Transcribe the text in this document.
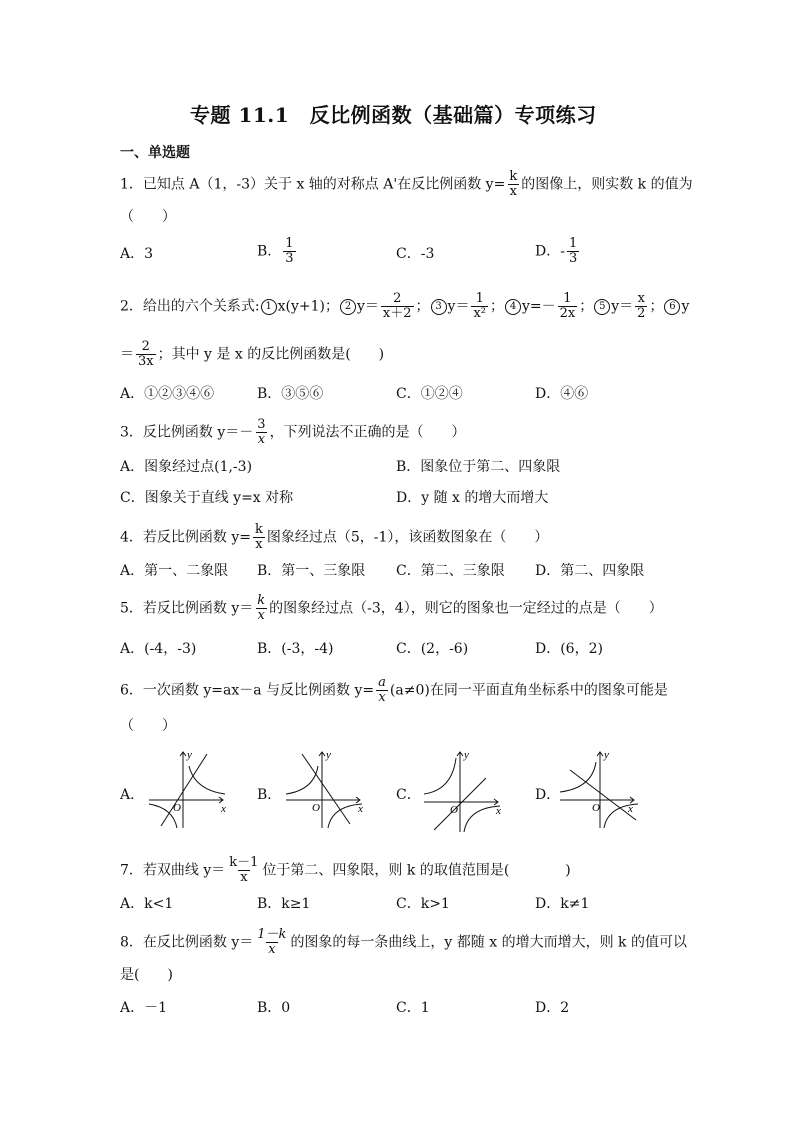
专题 11.1　反比例函数（基础篇）专项练习
一、单选题
1．已知点 A（1，-3）关于 x 轴的对称点 A'在反比例函数 $y= \frac{k}{x}$ 的图像上，则实数 k 的值为
（　　）
A．3	B． $\frac{1}{3}$	C．-3	D．- $\frac{1}{3}$
2．给出的六个关系式: 1 x(y+1)； 2 $y= \frac{2}{x+2}$ ； 3 $y= \frac{1}{\text{x²}}$ ； 4 $y=- \frac{1}{2x}$ ； 5 $y= \frac{x}{2}$ ； 6 y
＝ $\frac{2}{3x}$ ；其中 y 是 x 的反比例函数是(　　)
A．①②③④⑥	B．③⑤⑥	C．①②④	D．④⑥
3．反比例函数 $y=- \frac{3}{x}$ ，下列说法不正确的是（　　）
A．图象经过点(1,-3)	B．图象位于第二、四象限
C．图象关于直线 y=x 对称	D．y 随 x 的增大而增大
4．若反比例函数 $y= \frac{k}{x}$ 图象经过点（5，-1），该函数图象在（　　）
A．第一、二象限 B．第一、三象限 C．第二、三象限 D．第二、四象限
5．若反比例函数 $y= \frac{k}{x}$ 的图象经过点（-3，4），则它的图象也一定经过的点是（　　）
A．(-4，-3)	B．(-3，-4)	C．(2，-6)	D．(6，2)
6．一次函数 y=ax－a 与反比例函数 $y= \frac{a}{x} (a\ne 0)$在同一平面直角坐标系中的图象可能是
（　　）
A．	B．	C．	D．
y
x
O
y
x
O
y
x
O
y
x
O
7．若双曲线 $y= \frac{k-1}{x}$ 位于第二、四象限，则 k 的取值范围是(　　　　)
A．k<1	B．k≥1	C．k>1	D．k≠1
8．在反比例函数 $y= \frac{1-k}{x}$ 的图象的每一条曲线上，y 都随 x 的增大而增大，则 k 的值可以
是(　　)
A．－1	B．0	C．1	D．2
